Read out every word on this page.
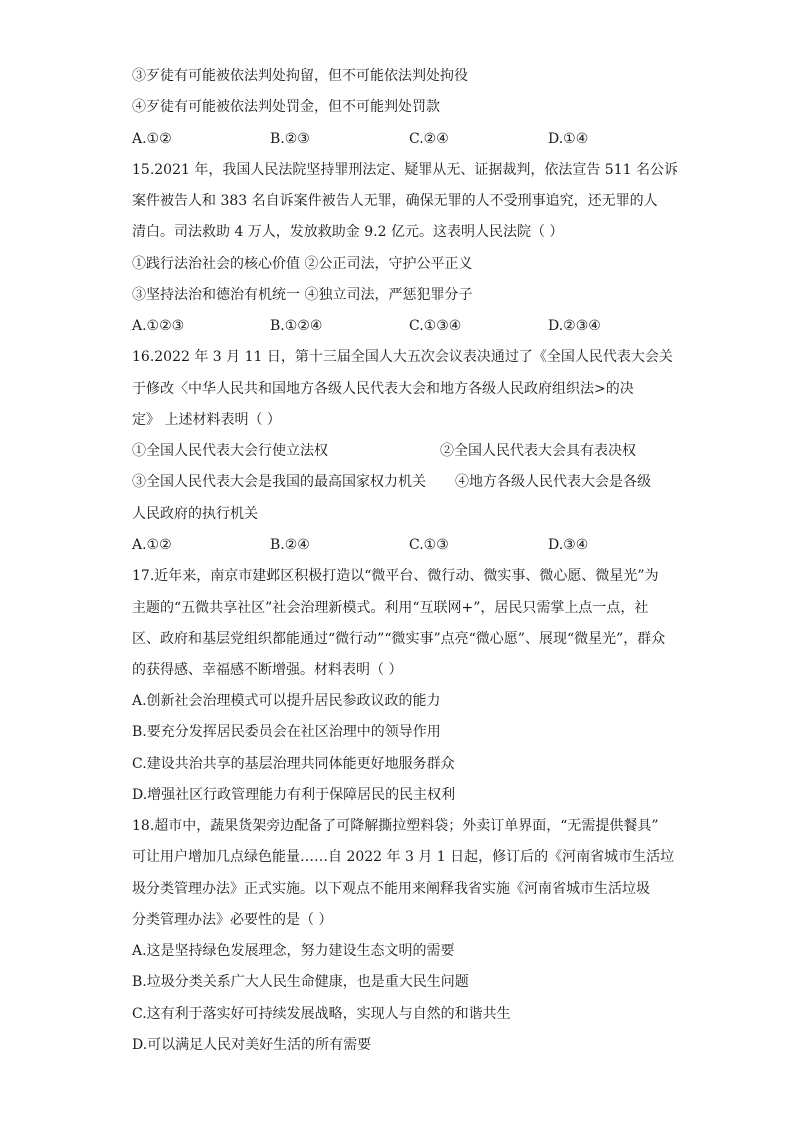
③歹徒有可能被依法判处拘留，但不可能依法判处拘役
④歹徒有可能被依法判处罚金，但不可能判处罚款
A.①②	B.②③	C.②④	D.①④
15.2021 年，我国人民法院坚持罪刑法定、疑罪从无、证据裁判，依法宣告 511 名公诉
案件被告人和 383 名自诉案件被告人无罪，确保无罪的人不受刑事追究，还无罪的人
清白。司法救助 4 万人，发放救助金 9.2 亿元。这表明人民法院（ ）
①践行法治社会的核心价值 ②公正司法，守护公平正义
③坚持法治和德治有机统一 ④独立司法，严惩犯罪分子
A.①②③	B.①②④	C.①③④	D.②③④
16.2022 年 3 月 11 日，第十三届全国人大五次会议表决通过了《全国人民代表大会关
于修改〈中华人民共和国地方各级人民代表大会和地方各级人民政府组织法>的决
定》 上述材料表明（ ）
①全国人民代表大会行使立法权	②全国人民代表大会具有表决权
③全国人民代表大会是我国的最高国家权力机关 ④地方各级人民代表大会是各级
人民政府的执行机关
A.①②	B.②④	C.①③	D.③④
17.近年来，南京市建邺区积极打造以“微平台、微行动、微实事、微心愿、微星光”为
主题的“五微共享社区”社会治理新模式。利用“互联网+”，居民只需掌上点一点，社
区、政府和基层党组织都能通过“微行动”“微实事”点亮“微心愿”、展现“微星光”，群众
的获得感、幸福感不断增强。材料表明（ ）
A.创新社会治理模式可以提升居民参政议政的能力
B.要充分发挥居民委员会在社区治理中的领导作用
C.建设共治共享的基层治理共同体能更好地服务群众
D.增强社区行政管理能力有利于保障居民的民主权利
18.超市中，蔬果货架旁边配备了可降解撕拉塑料袋；外卖订单界面，“无需提供餐具”
可让用户增加几点绿色能量……自 2022 年 3 月 1 日起，修订后的《河南省城市生活垃
圾分类管理办法》正式实施。以下观点不能用来阐释我省实施《河南省城市生活垃圾
分类管理办法》必要性的是（ ）
A.这是坚持绿色发展理念，努力建设生态文明的需要
B.垃圾分类关系广大人民生命健康，也是重大民生问题
C.这有利于落实好可持续发展战略，实现人与自然的和谐共生
D.可以满足人民对美好生活的所有需要
